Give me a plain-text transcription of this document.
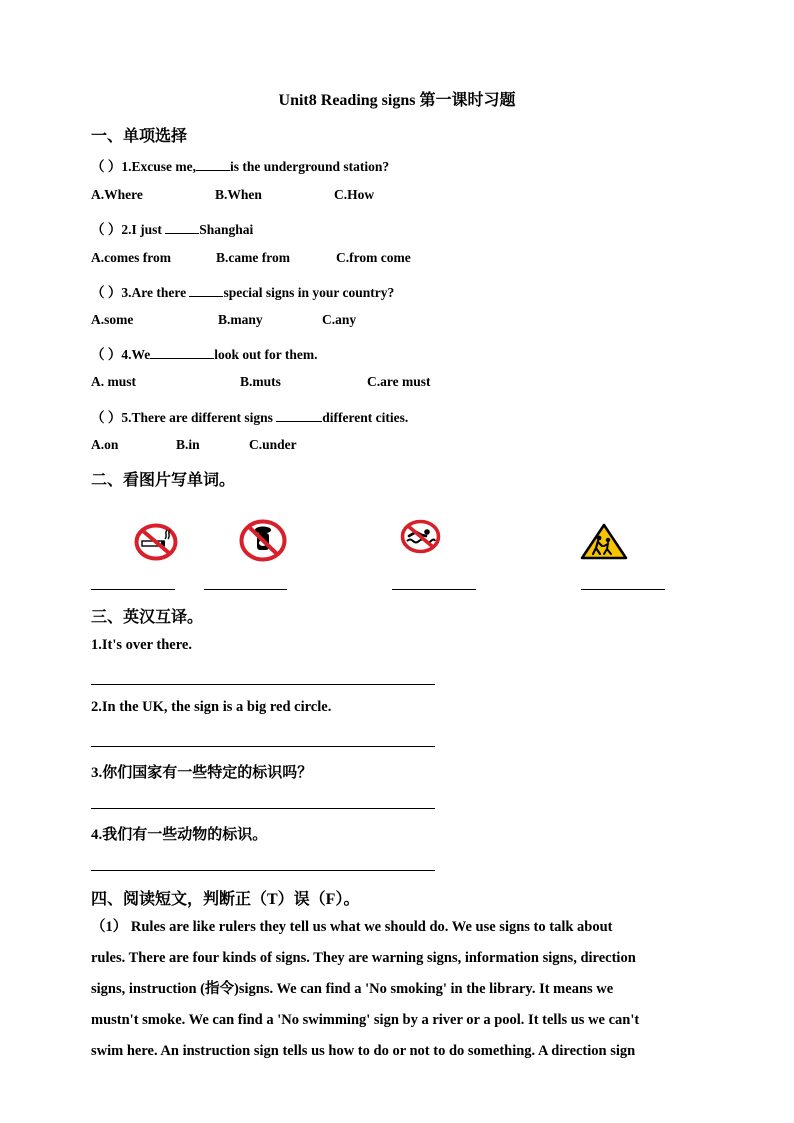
Unit8 Reading signs 第一课时习题
一、单项选择
（ ）1.Excuse me,	is the underground station?
A.Where	B.When	C.How
（ ）2.I just	Shanghai
A.comes from	B.came from	C.from come
（ ）3.Are there	special signs in your country?
A.some	B.many	C.any
（ ）4.We	look out for them.
A. must	B.muts	C.are must
（ ）5.There are different signs	different cities.
A.on	B.in	C.under
二、看图片写单词。
三、英汉互译。
1.It's over there.
2.In the UK, the sign is a big red circle.
3.你们国家有一些特定的标识吗？
4.我们有一些动物的标识。
四、阅读短文，判断正（T）误（F）。
（1） Rules are like rulers they tell us what we should do. We use signs to talk about
rules. There are four kinds of signs. They are warning signs, information signs, direction
signs, instruction (指令)signs. We can find a 'No smoking' in the library. It means we
mustn't smoke. We can find a 'No swimming' sign by a river or a pool. It tells us we can't
swim here. An instruction sign tells us how to do or not to do something. A direction sign
